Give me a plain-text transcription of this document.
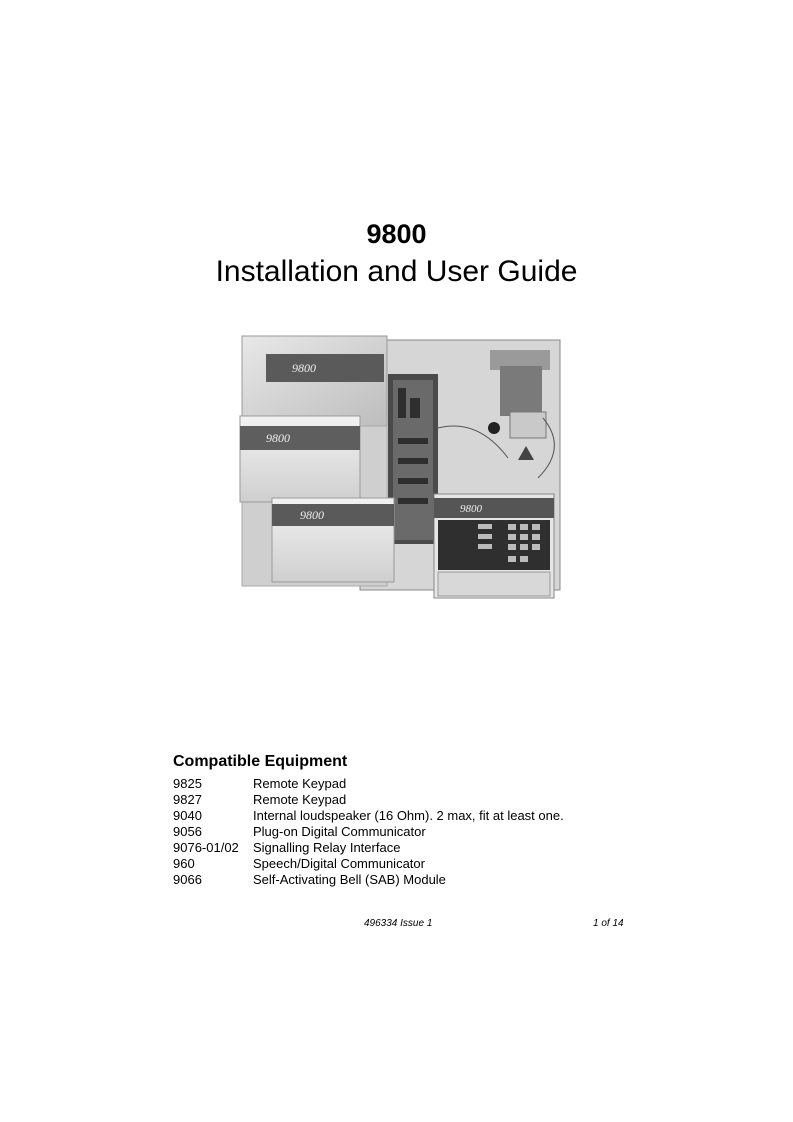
9800
Installation and User Guide
9800
9800
9800	9800
Compatible Equipment
9825	Remote Keypad
9827	Remote Keypad
9040	Internal loudspeaker (16 Ohm). 2 max, fit at least one.
9056	Plug-on Digital Communicator
9076-01/02 Signalling Relay Interface
960	Speech/Digital Communicator
9066	Self-Activating Bell (SAB) Module
496334 Issue 1	1 of 14
